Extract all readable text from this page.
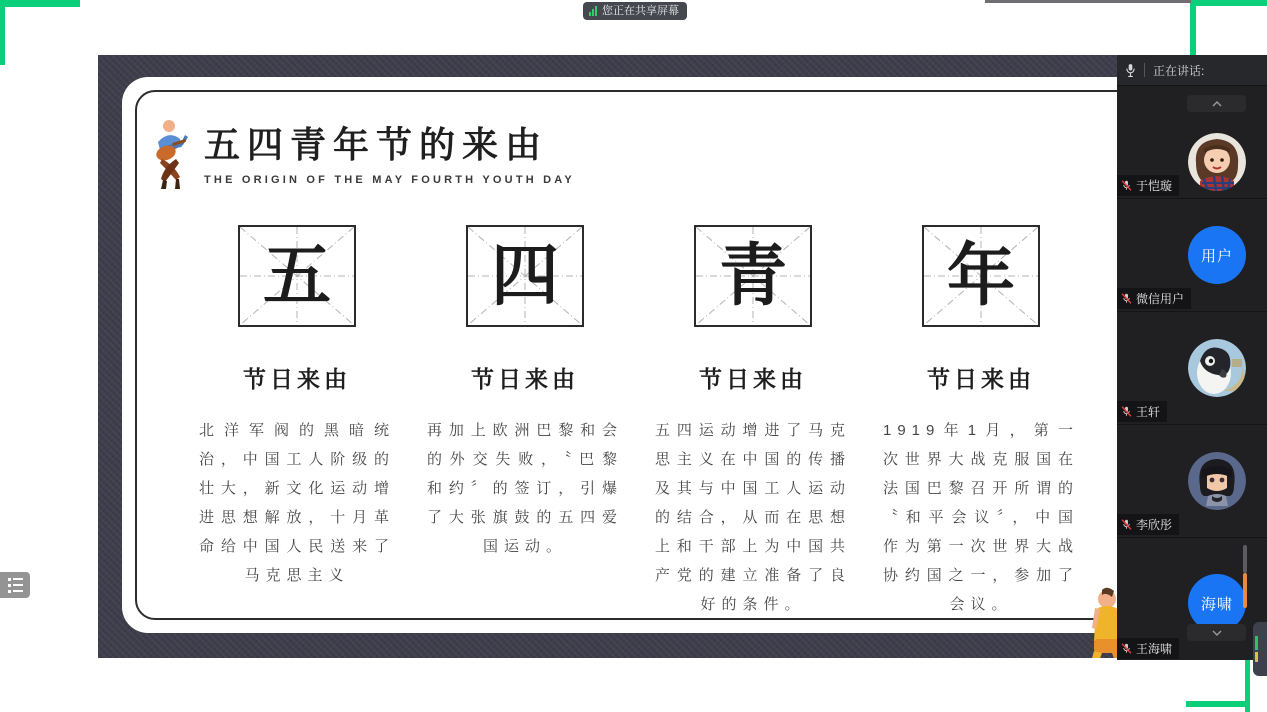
您正在共享屏幕
五四青年节的来由
THE ORIGIN OF THE MAY FOURTH YOUTH DAY
五
节日来由

北洋军阀的黑暗统治，中国工人阶级的壮大，新文化运动增进思想解放，十月革命给中国人民送来了马克思主义

四
节日来由

再加上欧洲巴黎和会的外交失败，〝巴黎和约〞的签订，引爆了大张旗鼓的五四爱国运动。

青
节日来由

五四运动增进了马克思主义在中国的传播及其与中国工人运动的结合，从而在思想上和干部上为中国共产党的建立准备了良好的条件。

年
节日来由

1919年1月，第一次世界大战克服国在法国巴黎召开所谓的〝和平会议〞，中国作为第一次世界大战协约国之一，参加了会议。

正在讲话:
于恺璇
用户
微信用户
王轩
李欣彤
海啸
王海啸
